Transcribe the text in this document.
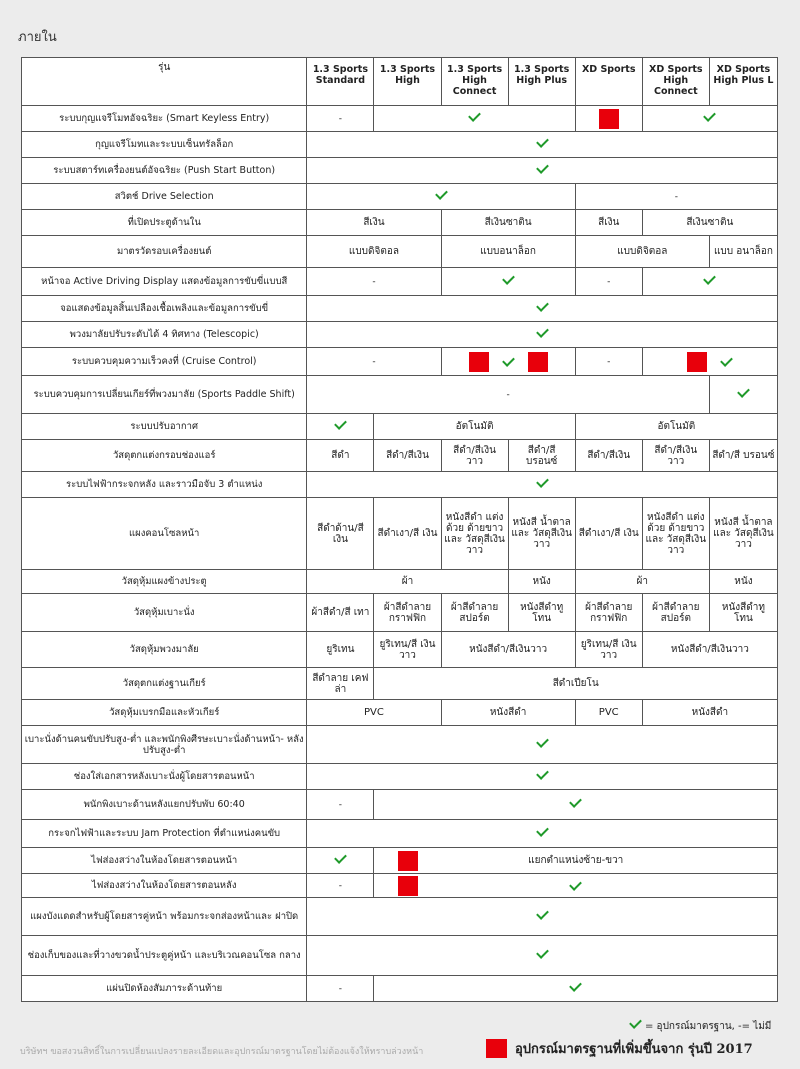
ภายใน
รุ่น	1.3 Sports Standard	1.3 Sports High	1.3 Sports High Connect	1.3 Sports High Plus	XD Sports	XD Sports High Connect	XD Sports High Plus L
ระบบกุญแจรีโมทอัจฉริยะ (Smart Keyless Entry)	-						
กุญแจรีโมทและระบบเซ็นทรัลล็อก							
ระบบสตาร์ทเครื่องยนต์อัจฉริยะ (Push Start Button)							
สวิตช์ Drive Selection					-		
ที่เปิดประตูด้านใน	สีเงิน		สีเงินซาติน		สีเงิน	สีเงินซาติน	
มาตรวัดรอบเครื่องยนต์	แบบดิจิตอล		แบบอนาล็อก		แบบดิจิตอล		แบบ อนาล็อก
หน้าจอ Active Driving Display แสดงข้อมูลการขับขี่แบบสี	-				-		
จอแสดงข้อมูลสิ้นเปลืองเชื้อเพลิงและข้อมูลการขับขี่							
พวงมาลัยปรับระดับได้ 4 ทิศทาง (Telescopic)							
ระบบควบคุมความเร็วคงที่ (Cruise Control)	-				-		

ระบบควบคุมการเปลี่ยนเกียร์ที่พวงมาลัย (Sports Paddle Shift)	-						
ระบบปรับอากาศ		อัตโนมัติ			อัตโนมัติ		
วัสดุตกแต่งกรอบช่องแอร์	สีดำ	สีดำ/สีเงิน	สีดำ/สีเงิน วาว	สีดำ/สี บรอนซ์	สีดำ/สีเงิน	สีดำ/สีเงิน วาว	สีดำ/สี บรอนซ์
ระบบไฟฟ้ากระจกหลัง และราวมือจับ 3 ตำแหน่ง							
แผงคอนโซลหน้า	สีดำด้าน/สี เงิน	สีดำเงา/สี เงิน	หนังสีดำ แต่งด้วย ด้ายขาวและ วัสดุสีเงิน วาว	หนังสี น้ำตาลและ วัสดุสีเงิน วาว	สีดำเงา/สี เงิน	หนังสีดำ แต่งด้วย ด้ายขาวและ วัสดุสีเงิน วาว	หนังสี น้ำตาลและ วัสดุสีเงิน วาว
วัสดุหุ้มแผงข้างประตู	ผ้า			หนัง	ผ้า		หนัง
วัสดุหุ้มเบาะนั่ง	ผ้าสีดำ/สี เทา	ผ้าสีดำลาย กราฟฟิก	ผ้าสีดำลาย สปอร์ต	หนังสีดำทู โทน	ผ้าสีดำลาย กราฟฟิก	ผ้าสีดำลาย สปอร์ต	หนังสีดำทู โทน
วัสดุหุ้มพวงมาลัย	ยูริเทน	ยูริเทน/สี เงินวาว	หนังสีดำ/สีเงินวาว		ยูริเทน/สี เงินวาว	หนังสีดำ/สีเงินวาว	
วัสดุตกแต่งฐานเกียร์	สีดำลาย เคฟล่า	สีดำเปียโน					
วัสดุหุ้มเบรกมือและหัวเกียร์	PVC		หนังสีดำ		PVC	หนังสีดำ	
เบาะนั่งด้านคนขับปรับสูง-ต่ำ และพนักพิงศีรษะเบาะนั่งด้านหน้า- หลังปรับสูง-ต่ำ							
ช่องใส่เอกสารหลังเบาะนั่งผู้โดยสารตอนหน้า							
พนักพิงเบาะด้านหลังแยกปรับพับ 60:40	-						
กระจกไฟฟ้าและระบบ Jam Protection ที่ตำแหน่งคนขับ							
ไฟส่องสว่างในห้องโดยสารตอนหน้า		แยกตำแหน่งซ้าย-ขวา					

ไฟส่องสว่างในห้องโดยสารตอนหลัง	-						

แผงบังแดดสำหรับผู้โดยสารคู่หน้า พร้อมกระจกส่องหน้าและ ฝาปิด							
ช่องเก็บของและที่วางขวดน้ำประตูคู่หน้า และบริเวณคอนโซล กลาง							
แผ่นปิดห้องสัมภาระด้านท้าย	-						
= อุปกรณ์มาตรฐาน, -= ไม่มี
บริษัทฯ ขอสงวนสิทธิ์ในการเปลี่ยนแปลงรายละเอียดและอุปกรณ์มาตรฐานโดยไม่ต้องแจ้งให้ทราบล่วงหน้า	อุปกรณ์มาตรฐานที่เพิ่มขึ้นจาก รุ่นปี 2017
